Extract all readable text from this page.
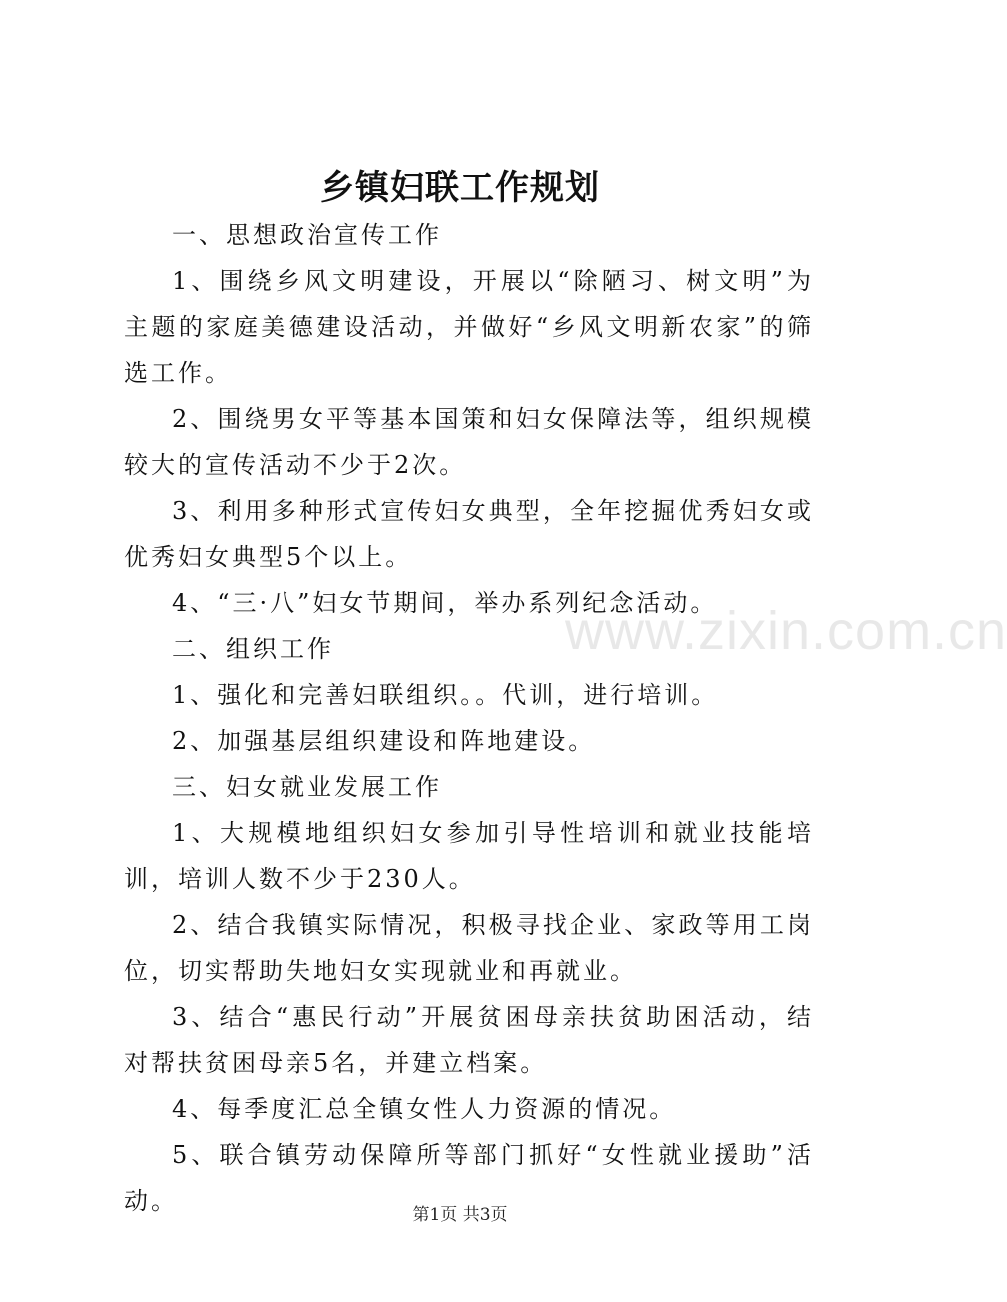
乡镇妇联工作规划

一、思想政治宣传工作

1、围绕乡风文明建设，开展以“除陋习、树文明”为主题的家庭美德建设活动，并做好“乡风文明新农家”的筛选工作。

2、围绕男女平等基本国策和妇女保障法等，组织规模较大的宣传活动不少于2次。

3、利用多种形式宣传妇女典型，全年挖掘优秀妇女或优秀妇女典型5个以上。

4、“三·八”妇女节期间，举办系列纪念活动。

二、组织工作

1、强化和完善妇联组织。。代训，进行培训。

2、加强基层组织建设和阵地建设。

三、妇女就业发展工作

1、大规模地组织妇女参加引导性培训和就业技能培训，培训人数不少于230人。

2、结合我镇实际情况，积极寻找企业、家政等用工岗位，切实帮助失地妇女实现就业和再就业。

3、结合“惠民行动”开展贫困母亲扶贫助困活动，结对帮扶贫困母亲5名，并建立档案。

4、每季度汇总全镇女性人力资源的情况。

5、联合镇劳动保障所等部门抓好“女性就业援助”活动。

www.zixin.com.cn
第1页 共3页
